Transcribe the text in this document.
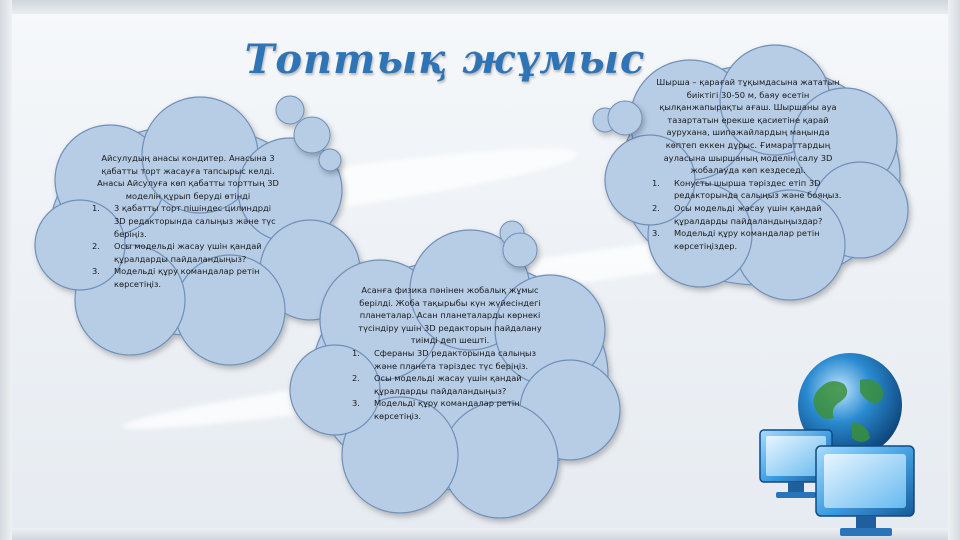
Топтық жұмыс

Айсулудың анасы кондитер. Анасына 3 қабатты торт жасауға тапсырыс келді. Анасы Айсулуға көп қабатты торттың 3D моделін құрып беруді өтінді

1.	3 қабатты торт пішіндес цилиндрді 3D редакторында салыңыз және түс беріңіз.
2.	Осы модельді жасау үшін қандай құралдарды пайдаландыңыз?
3.	Модельді құру командалар ретін көрсетіңіз.

Асанға физика пәнінен жобалық жұмыс берілді. Жоба тақырыбы күн жүйесіндегі планеталар. Асан планеталарды көрнекі түсіндіру үшін 3D редакторын пайдалану тиімді деп шешті.

1.	Сфераны 3D редакторында салыңыз және планета тәріздес түс беріңіз.
2.	Осы модельді жасау үшін қандай құралдарды пайдаландыңыз?
3.	Модельді құру командалар ретін көрсетіңіз.

Шырша – қарағай тұқымдасына жататын биіктігі 30-50 м, баяу өсетін қылқанжапырақты ағаш. Шыршаны ауа тазартатын ерекше қасиетіне қарай аурухана, шипажайлардың маңында көптеп еккен дұрыс. Ғимараттардың ауласына шыршаның моделін салу 3D жобалауда көп кездеседі.

1.	Конусты шырша тәріздес етіп 3D редакторында салыңыз және бояңыз.
2.	Осы модельді жасау үшін қандай құралдарды пайдаландыңыздар?
3.	Модельді құру командалар ретін көрсетіңіздер.
